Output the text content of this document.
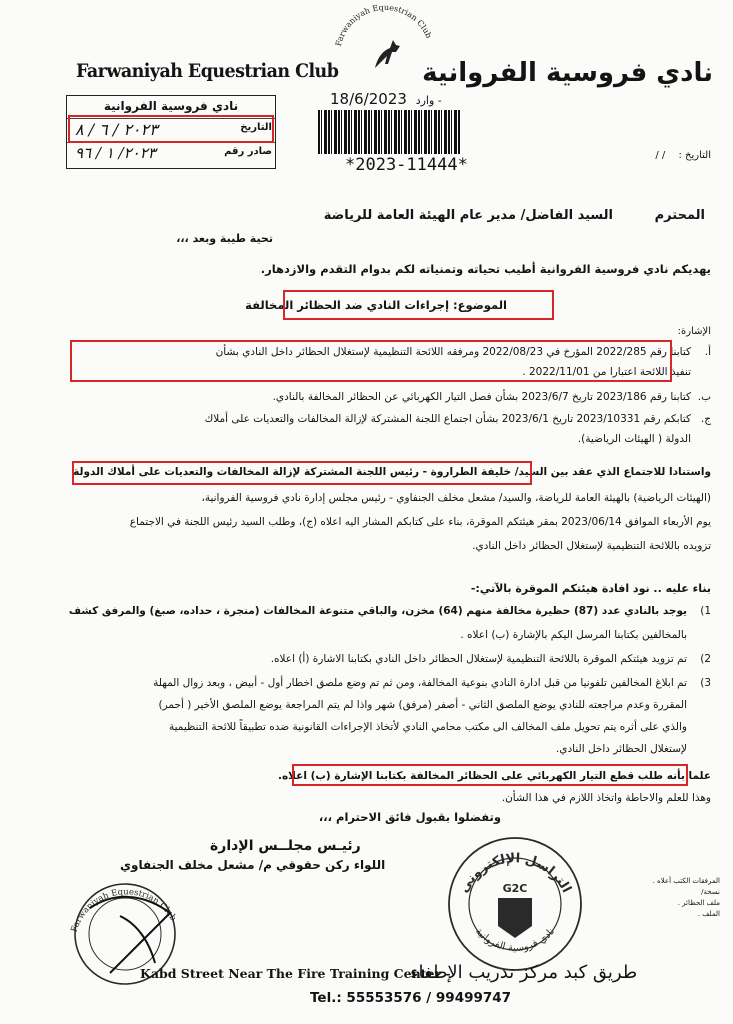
Farwaniyah Equestrian Club	نادي فروسية الفروانية
نادي فروسية الفروانية
التاريخ
٢٠٢٣ / ٦ / ٨
صادر رقم
٢٠٢٣/ ١ / ٩٦
Farwaniyah Equestrian Club
18/6/2023 وارد -
*2023-11444*	التاريخ : / /
السيد الفاضل/ مدير عام الهيئة العامة للرياضة	المحترم
تحية طيبة وبعد ،،،
يهديكم نادي فروسية الفروانية أطيب تحياته وتمنياته لكم بدوام التقدم والازدهار.
الموضوع: إجراءات النادي ضد الحظائر المخالفة
الإشارة:
أ.
كتابنا رقم 2022/285 المؤرخ في 2022/08/23 ومرفقه اللائحة التنظيمية لإستغلال الحظائر داخل النادي بشأن
تنفيذ اللائحة اعتبارا من 2022/11/01 .
ب.
كتابنا رقم 2023/186 تاريخ 2023/6/7 بشأن فصل التيار الكهربائي عن الحظائر المخالفة بالنادي.
ج.
كتابكم رقم 2023/10331 تاريخ 2023/6/1 بشأن اجتماع اللجنة المشتركة لإزالة المخالفات والتعديات على أملاك
الدولة ( الهيئات الرياضية).
واستنادا للاجتماع الذي عقد بين السيد/ خليفة الطراروة - رئيس اللجنة المشتركة لإزالة المخالفات والتعديات على أملاك الدولة
(الهيئات الرياضية) بالهيئة العامة للرياضة، والسيد/ مشعل مخلف الجنفاوي - رئيس مجلس إدارة نادي فروسية الفروانية،
يوم الأربعاء الموافق 2023/06/14 بمقر هيئتكم الموقرة، بناء على كتابكم المشار اليه اعلاه (ج)، وطلب السيد رئيس اللجنة في الاجتماع
تزويده باللائحة التنظيمية لإستغلال الحظائر داخل النادي.
بناء عليه .. نود افادة هيئتكم الموقرة بالآتي:-
1)
يوجد بالنادي عدد (87) حظيرة مخالفة منهم (64) مخزن، والباقي متنوعة المخالفات (منجرة ، حداده، صبغ) والمرفق كشف
بالمخالفين بكتابنا المرسل اليكم بالإشارة (ب) اعلاه .
2)
تم تزويد هيئتكم الموقرة باللائحة التنظيمية لإستغلال الحظائر داخل النادي بكتابنا الاشارة (أ) اعلاه.
3)
تم ابلاغ المخالفين تلفونيا من قبل ادارة النادي بنوعية المخالفة، ومن ثم تم وضع ملصق اخطار أول - أبيض ، وبعد زوال المهلة
المقررة وعدم مراجعته للنادي يوضع الملصق الثاني - أصفر (مرفق) شهر واذا لم يتم المراجعة يوضع الملصق الأخير ( أحمر)
والذي على أثره يتم تحويل ملف المخالف الى مكتب محامي النادي لأتخاذ الإجراءات القانونية ضده تطبيقاً للائحة التنظيمية
لإستغلال الحظائر داخل النادي.
علما بأنه طلب قطع التيار الكهربائي على الحظائر المخالفة بكتابنا الإشارة (ب) اعلاه.
وهذا للعلم والاحاطة واتخاذ اللازم في هذا الشأن.
وتفضلوا بقبول فائق الاحترام ،،،
رئيـس مجلــس الإدارة
اللواء ركن حقوقي م/ مشعل مخلف الجنفاوي
Farwaniyah Equestrian Club
التراسل الإلكتروني
G2C
نادي فروسية الفروانية
المرفقات الكتب أعلاه .
نسخة/
ملف الحظائر .
الملف .
Kabd Street Near The Fire Training Center -
طريق كبد مركز تدريب الإطفاء
Tel.: 55553576 / 99499747
